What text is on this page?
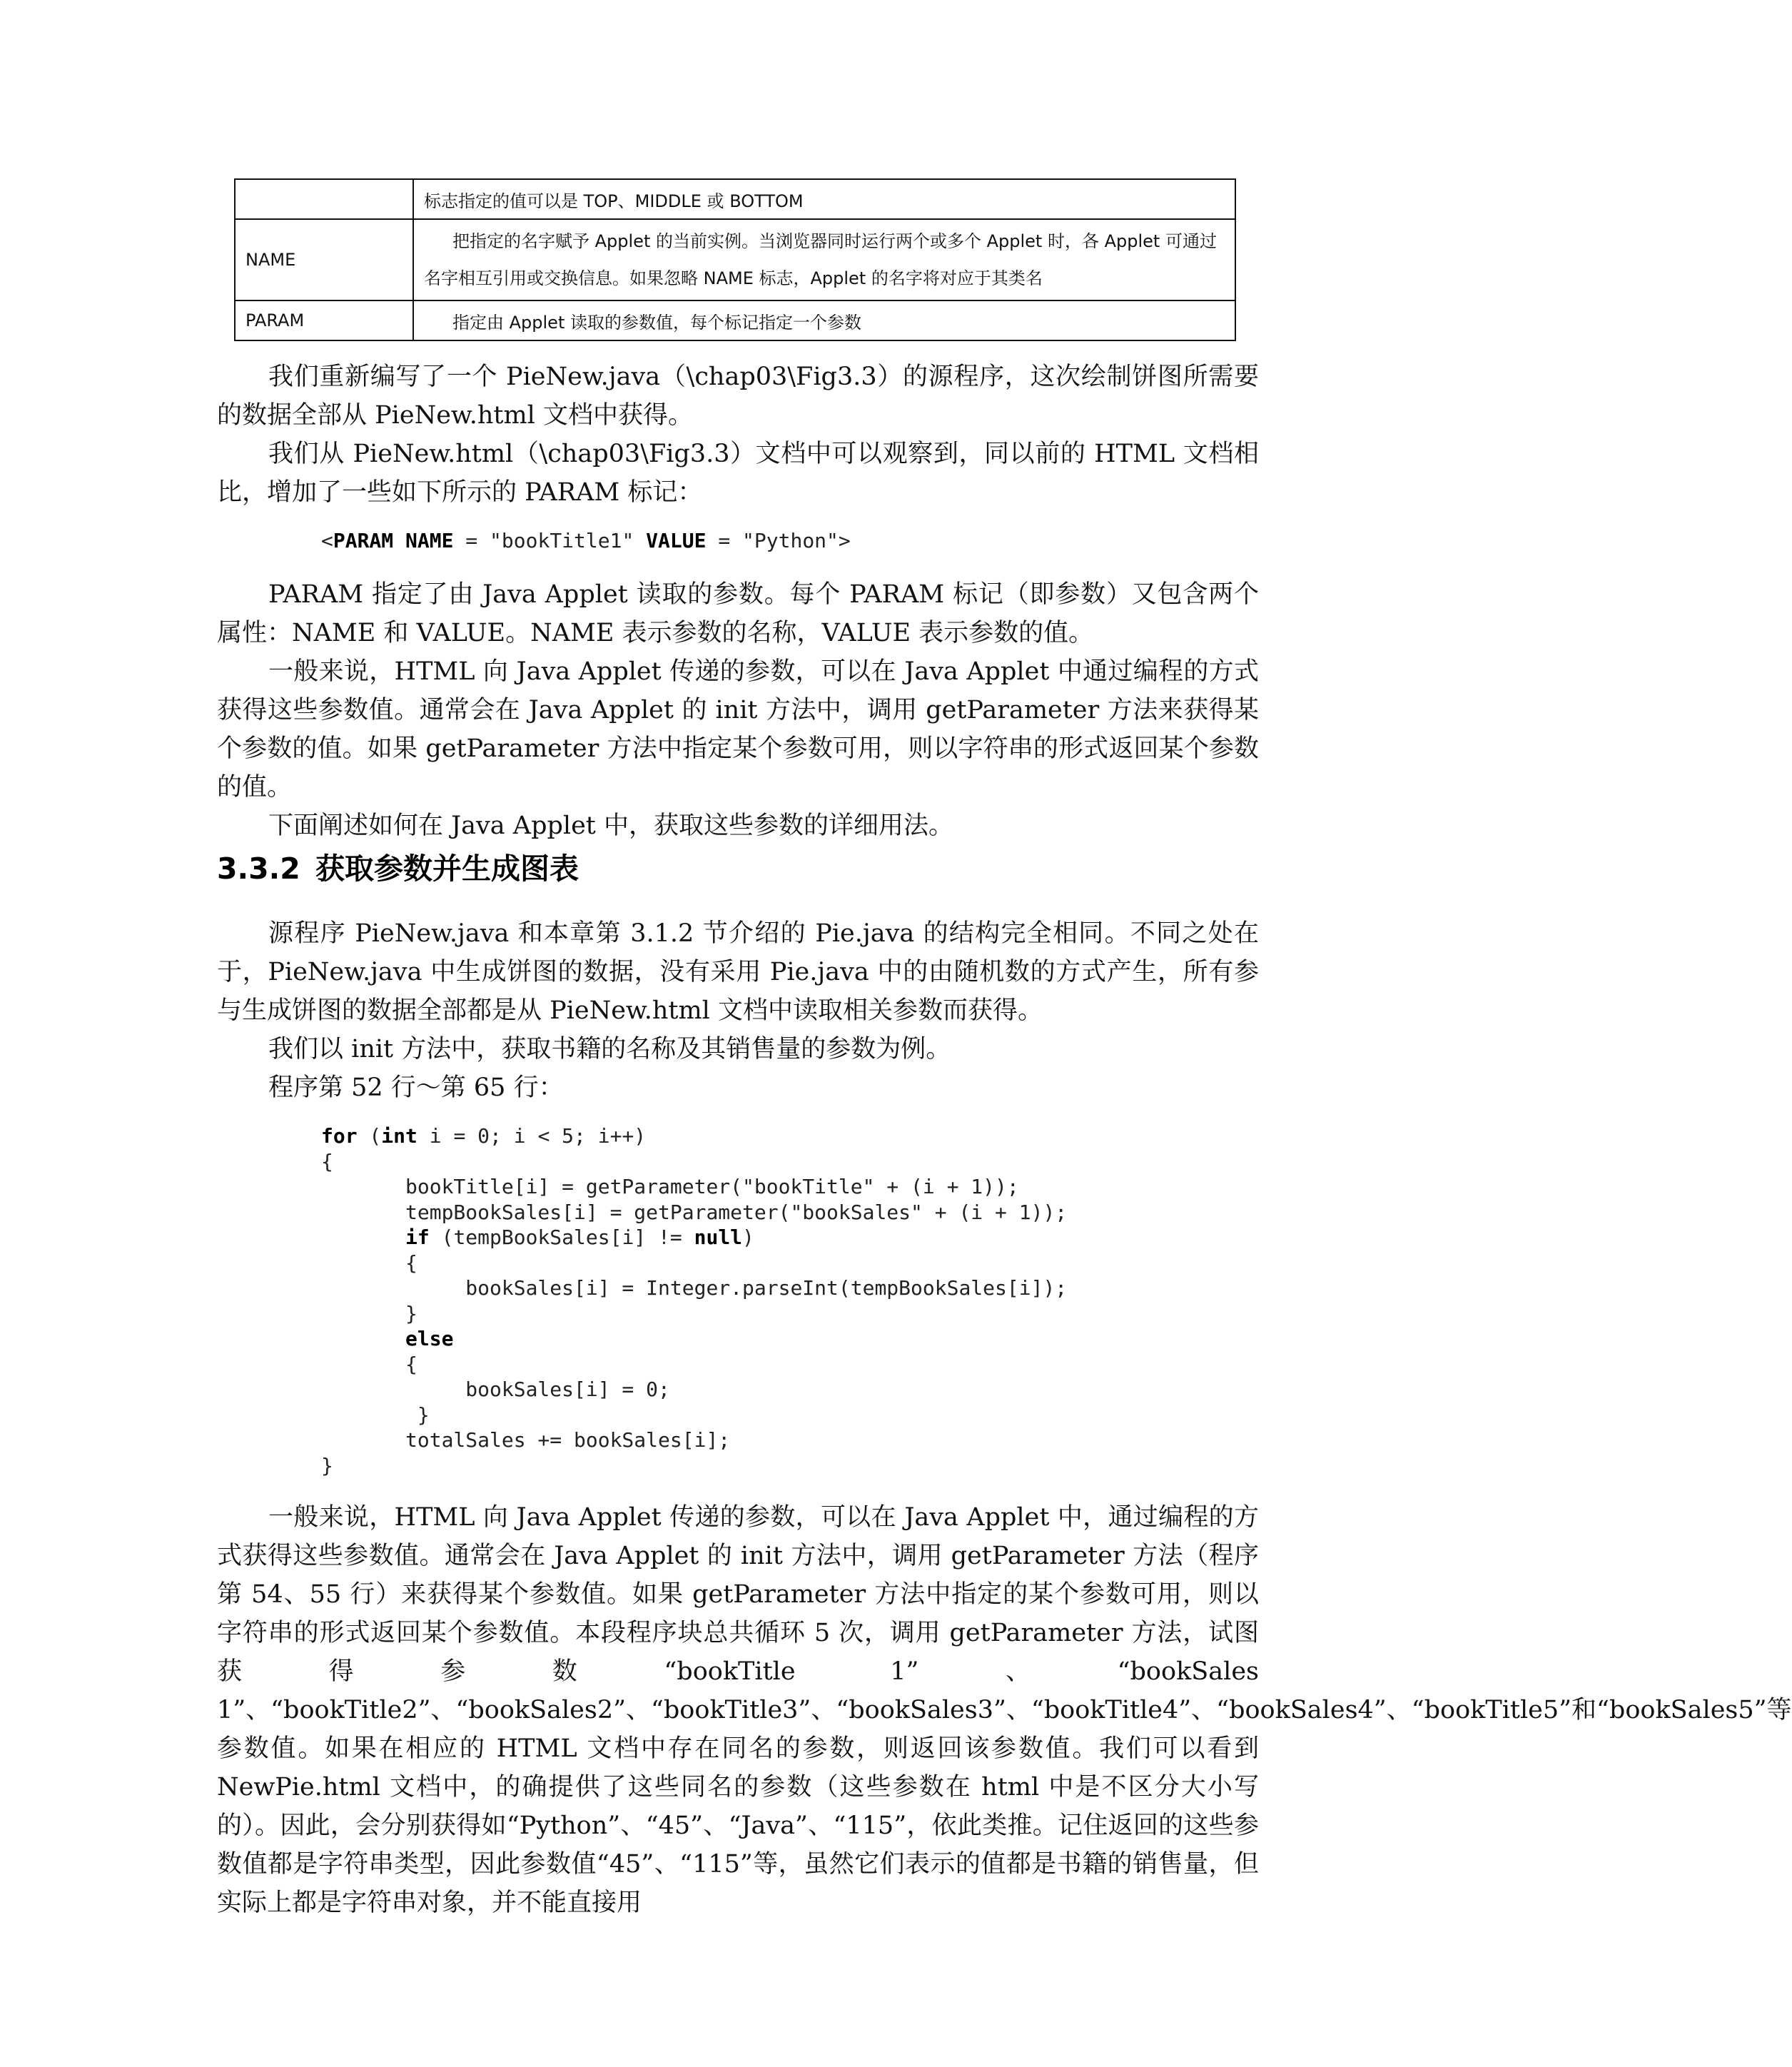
	标志指定的值可以是 TOP、MIDDLE 或 BOTTOM

NAME	把指定的名字赋予 Applet 的当前实例。当浏览器同时运行两个或多个 Applet 时，各 Applet 可通过
名字相互引用或交换信息。如果忽略 NAME 标志，Applet 的名字将对应于其类名

PARAM	指定由 Applet 读取的参数值，每个标记指定一个参数

我们重新编写了一个 PieNew.java（\chap03\Fig3.3）的源程序，这次绘制饼图所需要的数据全部从 PieNew.html 文档中获得。

我们从 PieNew.html（\chap03\Fig3.3）文档中可以观察到，同以前的 HTML 文档相比，增加了一些如下所示的 PARAM 标记：

<PARAM NAME = "bookTitle1" VALUE = "Python">

PARAM 指定了由 Java Applet 读取的参数。每个 PARAM 标记（即参数）又包含两个属性：NAME 和 VALUE。NAME 表示参数的名称，VALUE 表示参数的值。

一般来说，HTML 向 Java Applet 传递的参数，可以在 Java Applet 中通过编程的方式获得这些参数值。通常会在 Java Applet 的 init 方法中，调用 getParameter 方法来获得某个参数的值。如果 getParameter 方法中指定某个参数可用，则以字符串的形式返回某个参数的值。

下面阐述如何在 Java Applet 中，获取这些参数的详细用法。

3.3.2 获取参数并生成图表

源程序 PieNew.java 和本章第 3.1.2 节介绍的 Pie.java 的结构完全相同。不同之处在于，PieNew.java 中生成饼图的数据，没有采用 Pie.java 中的由随机数的方式产生，所有参与生成饼图的数据全部都是从 PieNew.html 文档中读取相关参数而获得。

我们以 init 方法中，获取书籍的名称及其销售量的参数为例。

程序第 52 行～第 65 行：

for (int i = 0; i < 5; i++)
{
bookTitle[i] = getParameter("bookTitle" + (i + 1));
tempBookSales[i] = getParameter("bookSales" + (i + 1));
if (tempBookSales[i] != null)
{
bookSales[i] = Integer.parseInt(tempBookSales[i]);
}
else
{
bookSales[i] = 0;
}
totalSales += bookSales[i];
}

一般来说，HTML 向 Java Applet 传递的参数，可以在 Java Applet 中，通过编程的方式获得这些参数值。通常会在 Java Applet 的 init 方法中，调用 getParameter 方法（程序第 54、55 行）来获得某个参数值。如果 getParameter 方法中指定的某个参数可用，则以字符串的形式返回某个参数值。本段程序块总共循环 5 次，调用 getParameter 方法，试图获得参数“bookTitle 1”、“bookSales 1”、“bookTitle2”、“bookSales2”、“bookTitle3”、“bookSales3”、“bookTitle4”、“bookSales4”、“bookTitle5”和“bookSales5”等参数值。如果在相应的 HTML 文档中存在同名的参数，则返回该参数值。我们可以看到 NewPie.html 文档中，的确提供了这些同名的参数（这些参数在 html 中是不区分大小写的）。因此，会分别获得如“Python”、“45”、“Java”、“115”，依此类推。记住返回的这些参数值都是字符串类型，因此参数值“45”、“115”等，虽然它们表示的值都是书籍的销售量，但实际上都是字符串对象，并不能直接用
